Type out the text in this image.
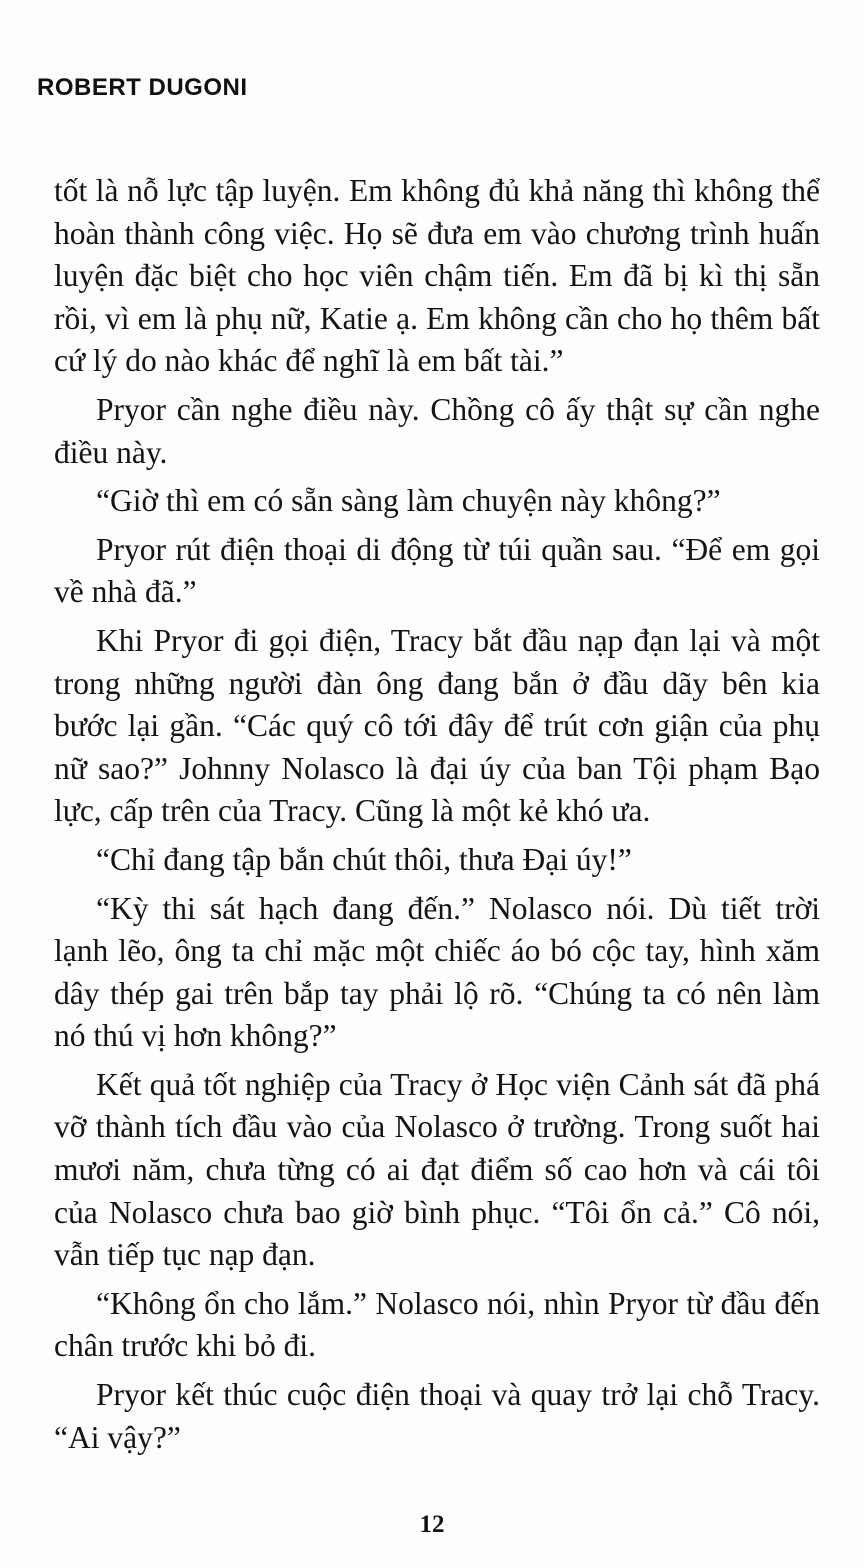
ROBERT DUGONI

tốt là nỗ lực tập luyện. Em không đủ khả năng thì không thể hoàn thành công việc. Họ sẽ đưa em vào chương trình huấn luyện đặc biệt cho học viên chậm tiến. Em đã bị kì thị sẵn rồi, vì em là phụ nữ, Katie ạ. Em không cần cho họ thêm bất cứ lý do nào khác để nghĩ là em bất tài.”

Pryor cần nghe điều này. Chồng cô ấy thật sự cần nghe điều này.

“Giờ thì em có sẵn sàng làm chuyện này không?”

Pryor rút điện thoại di động từ túi quần sau. “Để em gọi về nhà đã.”

Khi Pryor đi gọi điện, Tracy bắt đầu nạp đạn lại và một trong những người đàn ông đang bắn ở đầu dãy bên kia bước lại gần. “Các quý cô tới đây để trút cơn giận của phụ nữ sao?” Johnny Nolasco là đại úy của ban Tội phạm Bạo lực, cấp trên của Tracy. Cũng là một kẻ khó ưa.

“Chỉ đang tập bắn chút thôi, thưa Đại úy!”

“Kỳ thi sát hạch đang đến.” Nolasco nói. Dù tiết trời lạnh lẽo, ông ta chỉ mặc một chiếc áo bó cộc tay, hình xăm dây thép gai trên bắp tay phải lộ rõ. “Chúng ta có nên làm nó thú vị hơn không?”

Kết quả tốt nghiệp của Tracy ở Học viện Cảnh sát đã phá vỡ thành tích đầu vào của Nolasco ở trường. Trong suốt hai mươi năm, chưa từng có ai đạt điểm số cao hơn và cái tôi của Nolasco chưa bao giờ bình phục. “Tôi ổn cả.” Cô nói, vẫn tiếp tục nạp đạn.

“Không ổn cho lắm.” Nolasco nói, nhìn Pryor từ đầu đến chân trước khi bỏ đi.

Pryor kết thúc cuộc điện thoại và quay trở lại chỗ Tracy. “Ai vậy?”

12
